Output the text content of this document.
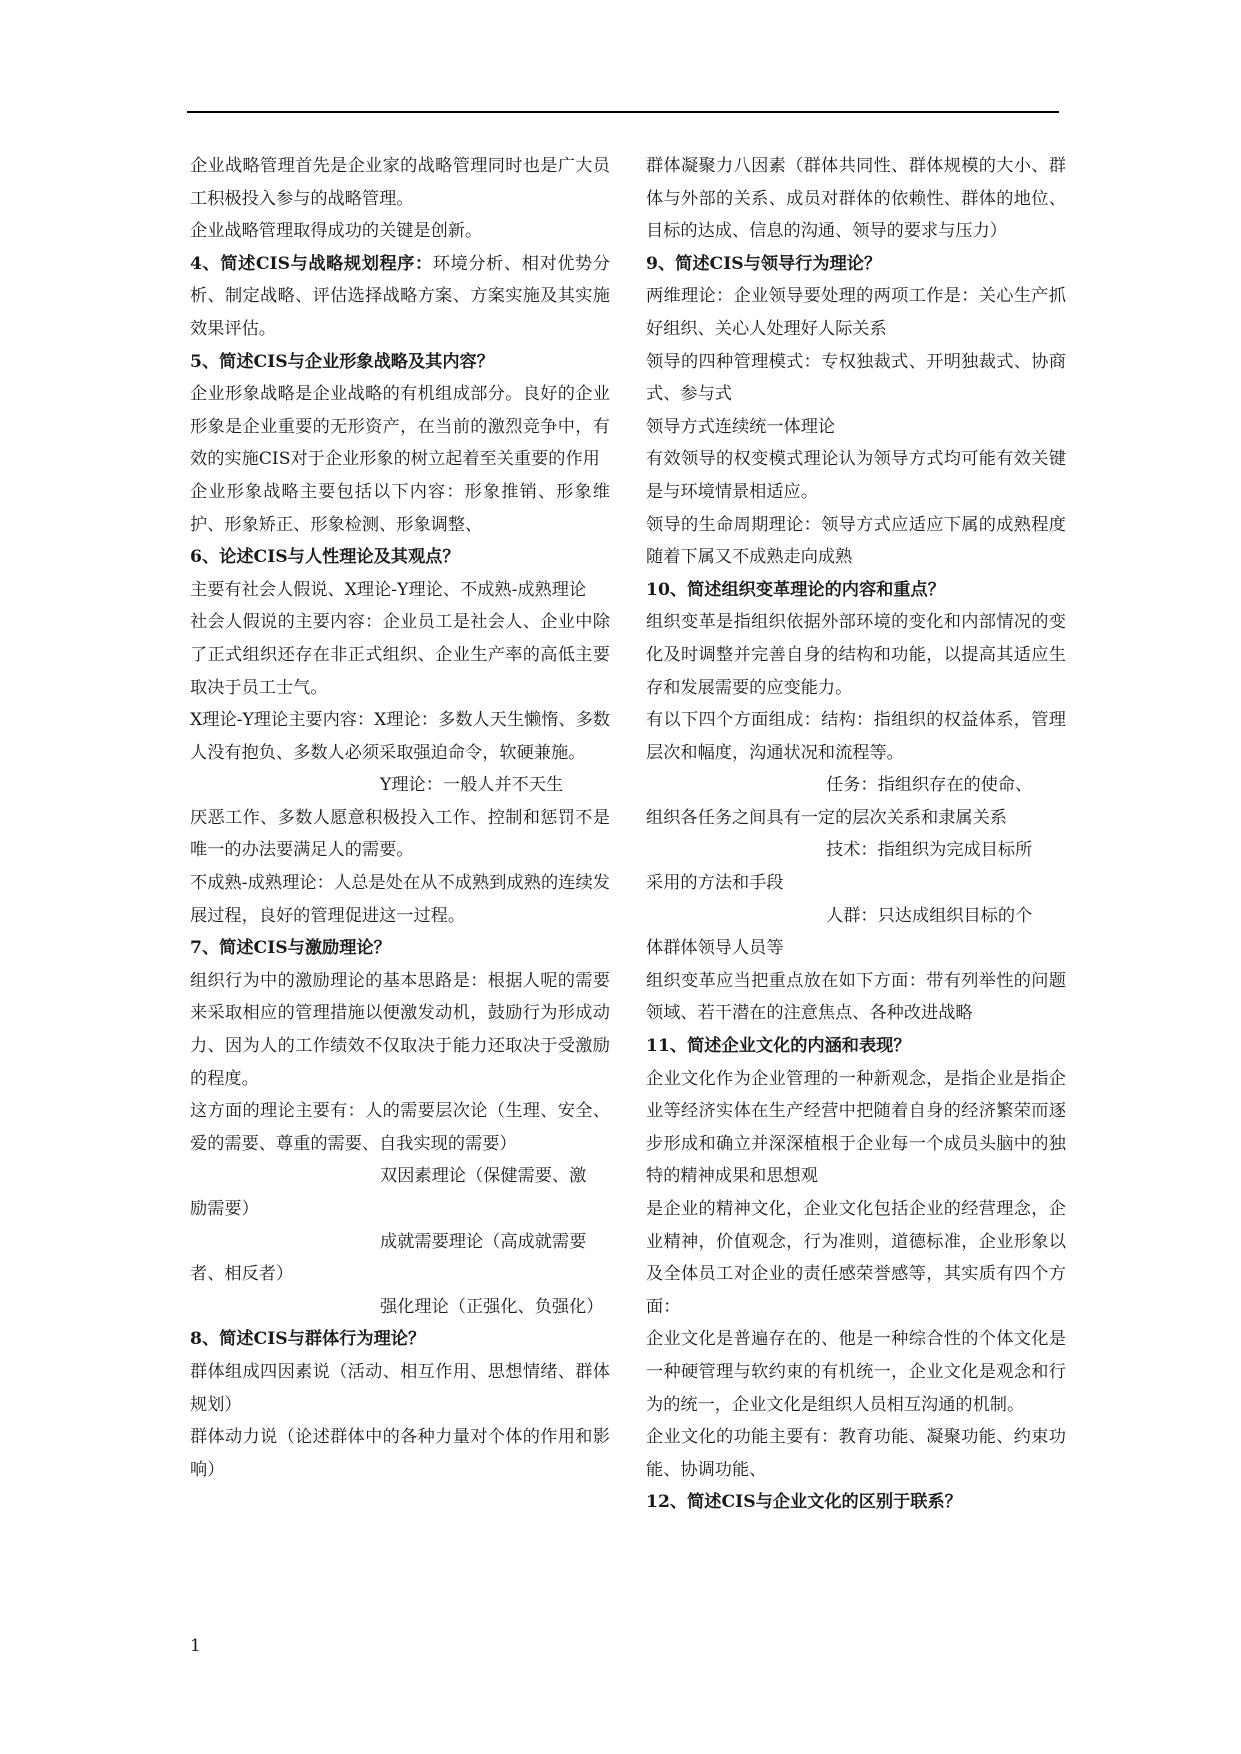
企业战略管理首先是企业家的战略管理同时也是广大员工积极投入参与的战略管理。

企业战略管理取得成功的关键是创新。

4、简述CIS与战略规划程序：环境分析、相对优势分析、制定战略、评估选择战略方案、方案实施及其实施效果评估。

5、简述CIS与企业形象战略及其内容？

企业形象战略是企业战略的有机组成部分。良好的企业形象是企业重要的无形资产，在当前的激烈竞争中，有效的实施CIS对于企业形象的树立起着至关重要的作用

企业形象战略主要包括以下内容：形象推销、形象维护、形象矫正、形象检测、形象调整、

6、论述CIS与人性理论及其观点？

主要有社会人假说、X理论-Y理论、不成熟-成熟理论

社会人假说的主要内容：企业员工是社会人、企业中除了正式组织还存在非正式组织、企业生产率的高低主要取决于员工士气。

X理论-Y理论主要内容：X理论：多数人天生懒惰、多数人没有抱负、多数人必须采取强迫命令，软硬兼施。

Y理论：一般人并不天生

厌恶工作、多数人愿意积极投入工作、控制和惩罚不是唯一的办法要满足人的需要。

不成熟-成熟理论：人总是处在从不成熟到成熟的连续发展过程，良好的管理促进这一过程。

7、简述CIS与激励理论？

组织行为中的激励理论的基本思路是：根据人呢的需要来采取相应的管理措施以便激发动机，鼓励行为形成动力、因为人的工作绩效不仅取决于能力还取决于受激励的程度。

这方面的理论主要有：人的需要层次论（生理、安全、爱的需要、尊重的需要、自我实现的需要）

双因素理论（保健需要、激

励需要）

成就需要理论（高成就需要

者、相反者）

强化理论（正强化、负强化）

8、简述CIS与群体行为理论？

群体组成四因素说（活动、相互作用、思想情绪、群体规划）

群体动力说（论述群体中的各种力量对个体的作用和影响）

群体凝聚力八因素（群体共同性、群体规模的大小、群体与外部的关系、成员对群体的依赖性、群体的地位、目标的达成、信息的沟通、领导的要求与压力）

9、简述CIS与领导行为理论？

两维理论：企业领导要处理的两项工作是：关心生产抓好组织、关心人处理好人际关系

领导的四种管理模式：专权独裁式、开明独裁式、协商式、参与式

领导方式连续统一体理论

有效领导的权变模式理论认为领导方式均可能有效关键是与环境情景相适应。

领导的生命周期理论：领导方式应适应下属的成熟程度随着下属又不成熟走向成熟

10、简述组织变革理论的内容和重点？

组织变革是指组织依据外部环境的变化和内部情况的变化及时调整并完善自身的结构和功能，以提高其适应生存和发展需要的应变能力。

有以下四个方面组成：结构：指组织的权益体系，管理层次和幅度，沟通状况和流程等。

任务：指组织存在的使命、

组织各任务之间具有一定的层次关系和隶属关系

技术：指组织为完成目标所

采用的方法和手段

人群：只达成组织目标的个

体群体领导人员等

组织变革应当把重点放在如下方面：带有列举性的问题领域、若干潜在的注意焦点、各种改进战略

11、简述企业文化的内涵和表现？

企业文化作为企业管理的一种新观念，是指企业是指企业等经济实体在生产经营中把随着自身的经济繁荣而逐步形成和确立并深深植根于企业每一个成员头脑中的独特的精神成果和思想观

是企业的精神文化，企业文化包括企业的经营理念，企业精神，价值观念，行为准则，道德标准，企业形象以及全体员工对企业的责任感荣誉感等，其实质有四个方面：

企业文化是普遍存在的、他是一种综合性的个体文化是一种硬管理与软约束的有机统一，企业文化是观念和行为的统一，企业文化是组织人员相互沟通的机制。

企业文化的功能主要有：教育功能、凝聚功能、约束功能、协调功能、

12、简述CIS与企业文化的区别于联系？

1
